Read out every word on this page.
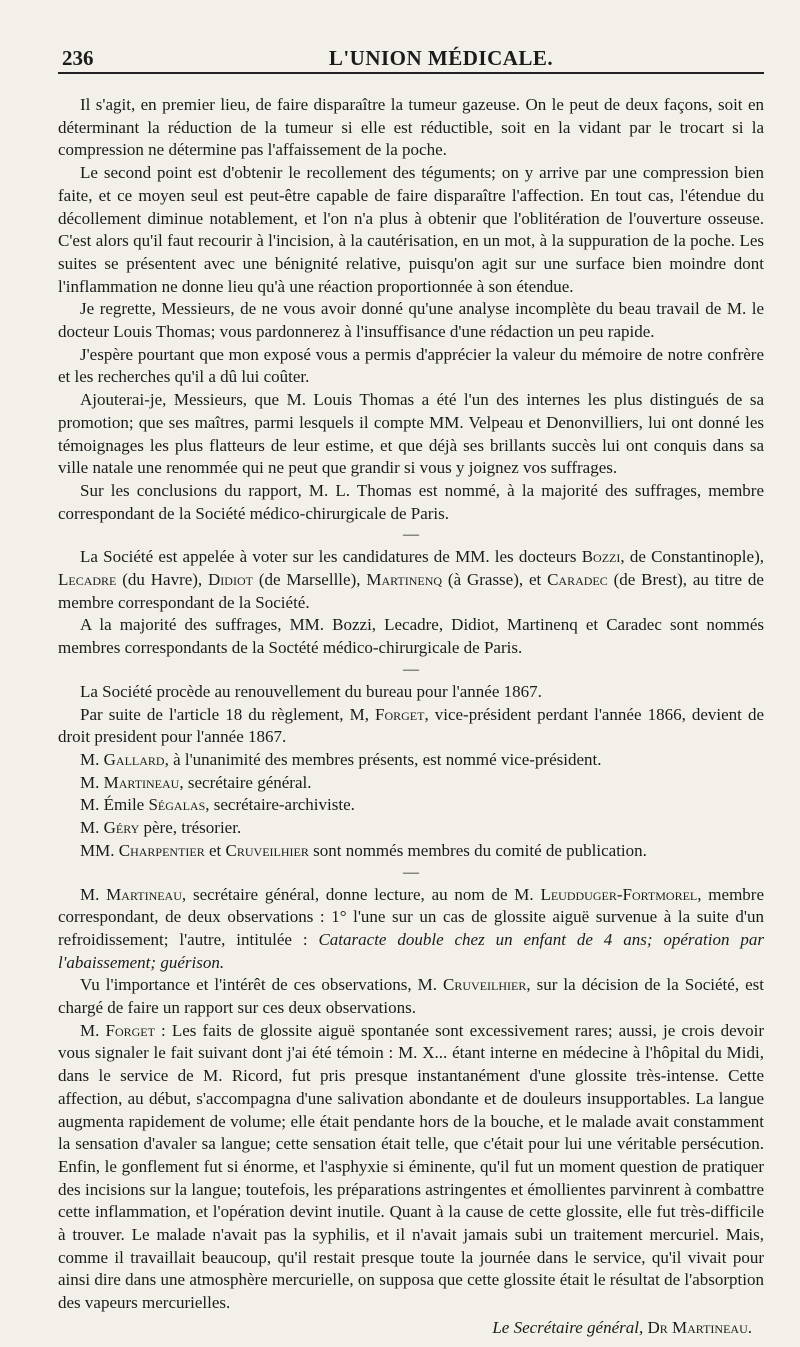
236	L'UNION MÉDICALE.

Il s'agit, en premier lieu, de faire disparaître la tumeur gazeuse. On le peut de deux façons, soit en déterminant la réduction de la tumeur si elle est réductible, soit en la vidant par le trocart si la compression ne détermine pas l'affaissement de la poche.

Le second point est d'obtenir le recollement des téguments; on y arrive par une compression bien faite, et ce moyen seul est peut-être capable de faire disparaître l'affection. En tout cas, l'étendue du décollement diminue notablement, et l'on n'a plus à obtenir que l'oblitération de l'ouverture osseuse. C'est alors qu'il faut recourir à l'incision, à la cautérisation, en un mot, à la suppuration de la poche. Les suites se présentent avec une bénignité relative, puisqu'on agit sur une surface bien moindre dont l'inflammation ne donne lieu qu'à une réaction proportionnée à son étendue.

Je regrette, Messieurs, de ne vous avoir donné qu'une analyse incomplète du beau travail de M. le docteur Louis Thomas; vous pardonnerez à l'insuffisance d'une rédaction un peu rapide.

J'espère pourtant que mon exposé vous a permis d'apprécier la valeur du mémoire de notre confrère et les recherches qu'il a dû lui coûter.

Ajouterai-je, Messieurs, que M. Louis Thomas a été l'un des internes les plus distingués de sa promotion; que ses maîtres, parmi lesquels il compte MM. Velpeau et Denonvilliers, lui ont donné les témoignages les plus flatteurs de leur estime, et que déjà ses brillants succès lui ont conquis dans sa ville natale une renommée qui ne peut que grandir si vous y joignez vos suffrages.

Sur les conclusions du rapport, M. L. Thomas est nommé, à la majorité des suffrages, membre correspondant de la Société médico-chirurgicale de Paris.

—

La Société est appelée à voter sur les candidatures de MM. les docteurs Bozzi, de Constantinople), Lecadre (du Havre), Didiot (de Marsellle), Martinenq (à Grasse), et Caradec (de Brest), au titre de membre correspondant de la Société.

A la majorité des suffrages, MM. Bozzi, Lecadre, Didiot, Martinenq et Caradec sont nommés membres correspondants de la Soctété médico-chirurgicale de Paris.

—

La Société procède au renouvellement du bureau pour l'année 1867.

Par suite de l'article 18 du règlement, M, Forget, vice-président perdant l'année 1866, devient de droit president pour l'année 1867.

M. Gallard, à l'unanimité des membres présents, est nommé vice-président.

M. Martineau, secrétaire général.

M. Émile Ségalas, secrétaire-archiviste.

M. Géry père, trésorier.

MM. Charpentier et Cruveilhier sont nommés membres du comité de publication.

—

M. Martineau, secrétaire général, donne lecture, au nom de M. Leudduger-Fortmorel, membre correspondant, de deux observations : 1° l'une sur un cas de glossite aiguë survenue à la suite d'un refroidissement; l'autre, intitulée : Cataracte double chez un enfant de 4 ans; opération par l'abaissement; guérison.

Vu l'importance et l'intérêt de ces observations, M. Cruveilhier, sur la décision de la Société, est chargé de faire un rapport sur ces deux observations.

M. Forget : Les faits de glossite aiguë spontanée sont excessivement rares; aussi, je crois devoir vous signaler le fait suivant dont j'ai été témoin : M. X... étant interne en médecine à l'hôpital du Midi, dans le service de M. Ricord, fut pris presque instantanément d'une glossite très-intense. Cette affection, au début, s'accompagna d'une salivation abondante et de douleurs insupportables. La langue augmenta rapidement de volume; elle était pendante hors de la bouche, et le malade avait constamment la sensation d'avaler sa langue; cette sensation était telle, que c'était pour lui une véritable persécution. Enfin, le gonflement fut si énorme, et l'asphyxie si éminente, qu'il fut un moment question de pratiquer des incisions sur la langue; toutefois, les préparations astringentes et émollientes parvinrent à combattre cette inflammation, et l'opération devint inutile. Quant à la cause de cette glossite, elle fut très-difficile à trouver. Le malade n'avait pas la syphilis, et il n'avait jamais subi un traitement mercuriel. Mais, comme il travaillait beaucoup, qu'il restait presque toute la journée dans le service, qu'il vivait pour ainsi dire dans une atmosphère mercurielle, on supposa que cette glossite était le résultat de l'absorption des vapeurs mercurielles.

Le Secrétaire général, Dr Martineau.
